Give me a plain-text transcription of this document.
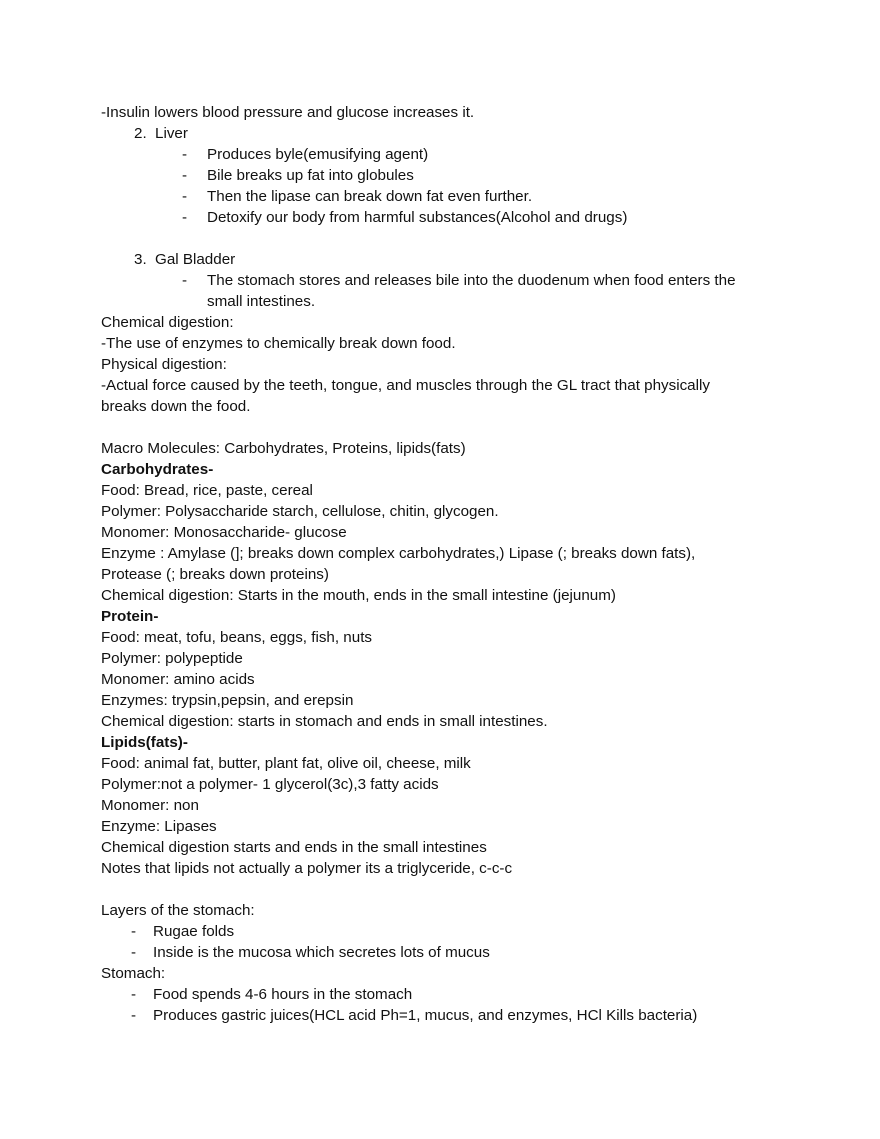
-Insulin lowers blood pressure and glucose increases it.
2. Liver
- Produces byle(emusifying agent)
- Bile breaks up fat into globules
- Then the lipase can break down fat even further.
- Detoxify our body from harmful substances(Alcohol and drugs)
3. Gal Bladder
- The stomach stores and releases bile into the duodenum when food enters the small intestines.
Chemical digestion:
-The use of enzymes to chemically break down food.
Physical digestion:
-Actual force caused by the teeth, tongue, and muscles through the GL tract that physically breaks down the food.
Macro Molecules: Carbohydrates, Proteins, lipids(fats)
Carbohydrates-
Food: Bread, rice, paste, cereal
Polymer: Polysaccharide starch, cellulose, chitin, glycogen.
Monomer: Monosaccharide- glucose
Enzyme : Amylase (]; breaks down complex carbohydrates,) Lipase (; breaks down fats), Protease (; breaks down proteins)
Chemical digestion: Starts in the mouth, ends in the small intestine (jejunum)
Protein-
Food: meat, tofu, beans, eggs, fish, nuts
Polymer: polypeptide
Monomer: amino acids
Enzymes: trypsin,pepsin, and erepsin
Chemical digestion: starts in stomach and ends in small intestines.
Lipids(fats)-
Food: animal fat, butter, plant fat, olive oil, cheese, milk
Polymer:not a polymer- 1 glycerol(3c),3 fatty acids
Monomer: non
Enzyme: Lipases
Chemical digestion starts and ends in the small intestines
Notes that lipids not actually a polymer its a triglyceride, c-c-c
Layers of the stomach:
- Rugae folds
- Inside is the mucosa which secretes lots of mucus
Stomach:
- Food spends 4-6 hours in the stomach
- Produces gastric juices(HCL acid Ph=1, mucus, and enzymes, HCl Kills bacteria)
